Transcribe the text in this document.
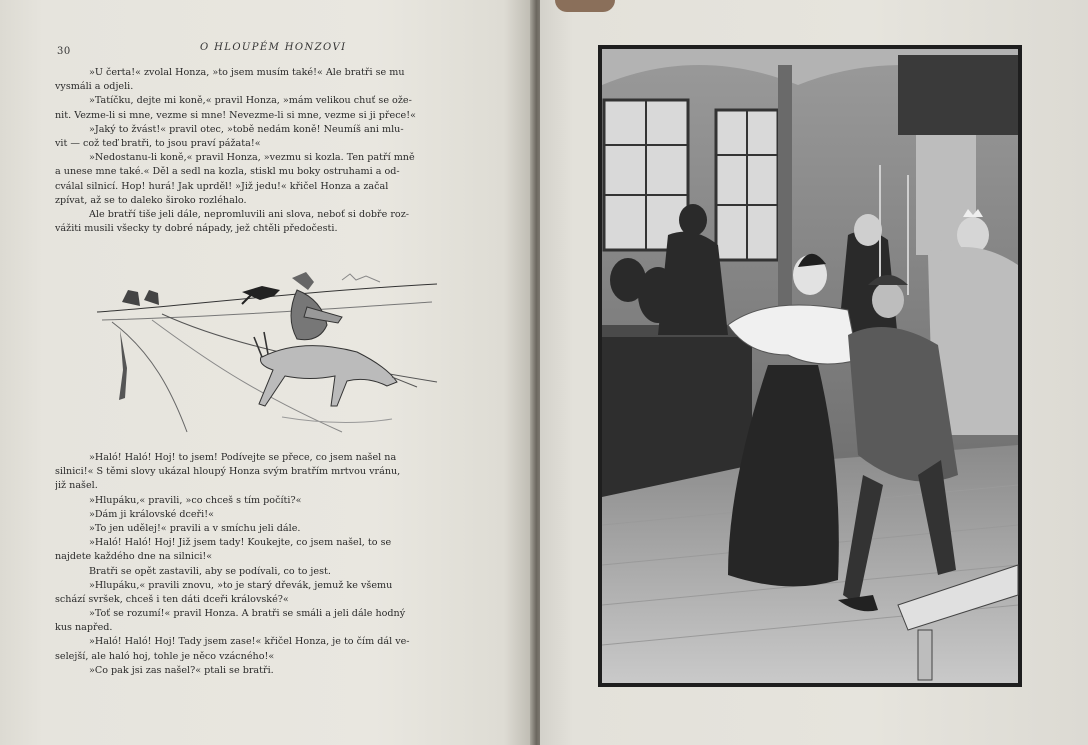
30	O HLOUPÉM HONZOVI
»U čerta!« zvolal Honza, »to jsem musím také!« Ale bratři se mu
vysmáli a odjeli.
»Tatíčku, dejte mi koně,« pravil Honza, »mám velikou chuť se ože-
nit. Vezme-li si mne, vezme si mne! Nevezme-li si mne, vezme si ji přece!«
»Jaký to žvást!« pravil otec, »tobě nedám koně! Neumíš ani mlu-
vit — což teď bratři, to jsou praví pážata!«
»Nedostanu-li koně,« pravil Honza, »vezmu si kozla. Ten patří mně
a unese mne také.« Děl a sedl na kozla, stiskl mu boky ostruhami a od-
cválal silnicí. Hop! hurá! Jak uprděl! »Již jedu!« křičel Honza a začal
zpívat, až se to daleko široko rozléhalo.
Ale bratří tiše jeli dále, nepromluvili ani slova, neboť si dobře roz-
vážiti musili všecky ty dobré nápady, jež chtěli předočesti.
»Haló! Haló! Hoj! to jsem! Podívejte se přece, co jsem našel na
silnici!« S těmi slovy ukázal hloupý Honza svým bratřím mrtvou vránu,
již našel.
»Hlupáku,« pravili, »co chceš s tím počíti?«
»Dám ji královské dceři!«
»To jen udělej!« pravili a v smíchu jeli dále.
»Haló! Haló! Hoj! Již jsem tady! Koukejte, co jsem našel, to se
najdete každého dne na silnici!«
Bratři se opět zastavili, aby se podívali, co to jest.
»Hlupáku,« pravili znovu, »to je starý dřevák, jemuž ke všemu
schází svršek, chceš i ten dáti dceři královské?«
»Toť se rozumí!« pravil Honza. A bratři se smáli a jeli dále hodný
kus napřed.
»Haló! Haló! Hoj! Tady jsem zase!« křičel Honza, je to čím dál ve-
selejší, ale haló hoj, tohle je něco vzácného!«
»Co pak jsi zas našel?« ptali se bratři.
